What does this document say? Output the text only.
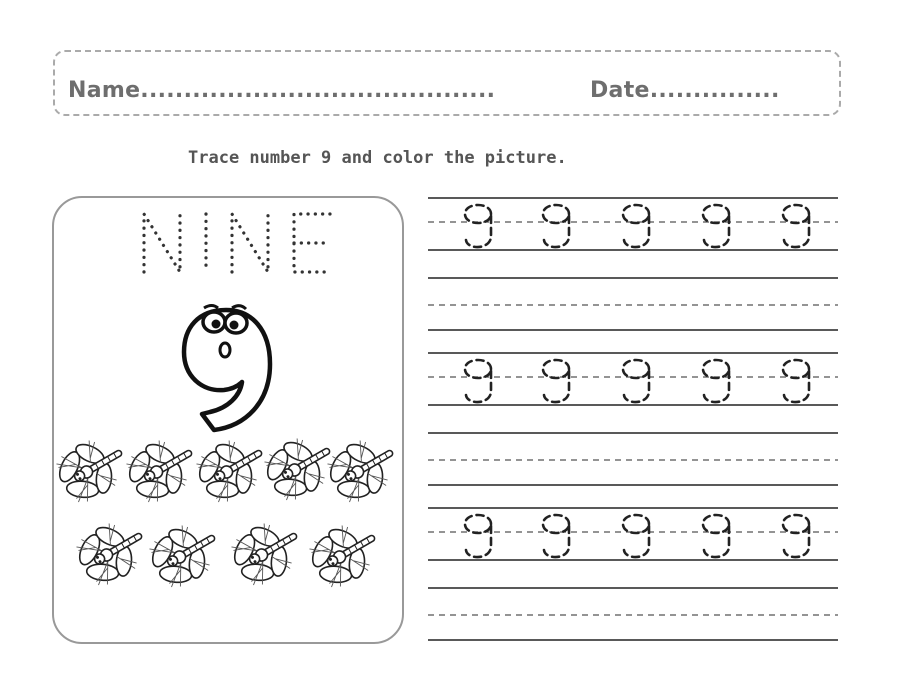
Name.........................................	Date...............
Trace number 9 and color the picture.
